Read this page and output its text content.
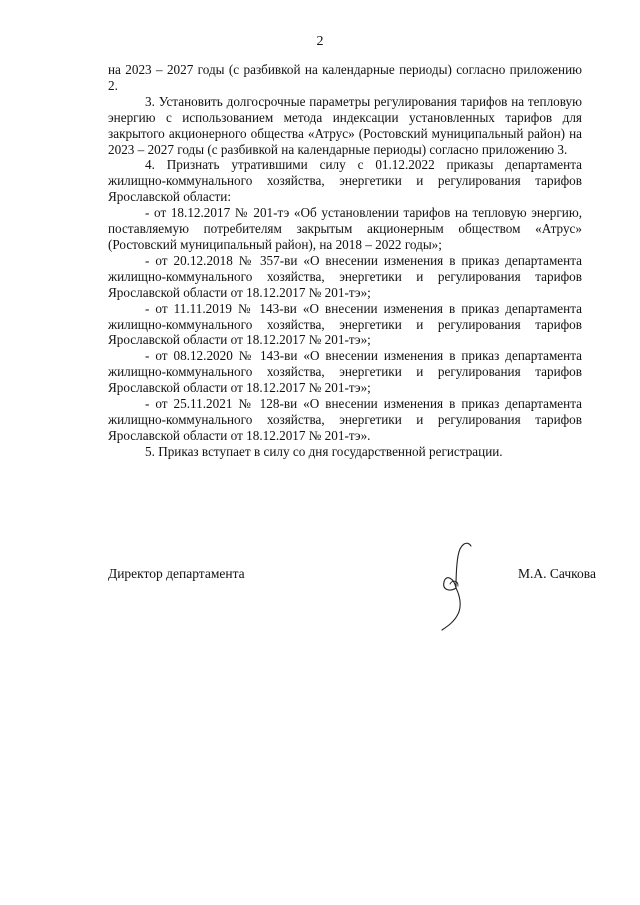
2

на 2023 – 2027 годы (с разбивкой на календарные периоды) согласно приложению 2.

3. Установить долгосрочные параметры регулирования тарифов на тепловую энергию с использованием метода индексации установленных тарифов для закрытого акционерного общества «Атрус» (Ростовский муниципальный район) на 2023 – 2027 годы (с разбивкой на календарные периоды) согласно приложению 3.

4. Признать утратившими силу с 01.12.2022 приказы департамента жилищно-коммунального хозяйства, энергетики и регулирования тарифов Ярославской области:

- от 18.12.2017 № 201-тэ «Об установлении тарифов на тепловую энергию, поставляемую потребителям закрытым акционерным обществом «Атрус» (Ростовский муниципальный район), на 2018 – 2022 годы»;

- от 20.12.2018 № 357-ви «О внесении изменения в приказ департамента жилищно-коммунального хозяйства, энергетики и регулирования тарифов Ярославской области от 18.12.2017 № 201-тэ»;

- от 11.11.2019 № 143-ви «О внесении изменения в приказ департамента жилищно-коммунального хозяйства, энергетики и регулирования тарифов Ярославской области от 18.12.2017 № 201-тэ»;

- от 08.12.2020 № 143-ви «О внесении изменения в приказ департамента жилищно-коммунального хозяйства, энергетики и регулирования тарифов Ярославской области от 18.12.2017 № 201-тэ»;

- от 25.11.2021 № 128-ви «О внесении изменения в приказ департамента жилищно-коммунального хозяйства, энергетики и регулирования тарифов Ярославской области от 18.12.2017 № 201-тэ».

5. Приказ вступает в силу со дня государственной регистрации.

Директор департамента	М.А. Сачкова
